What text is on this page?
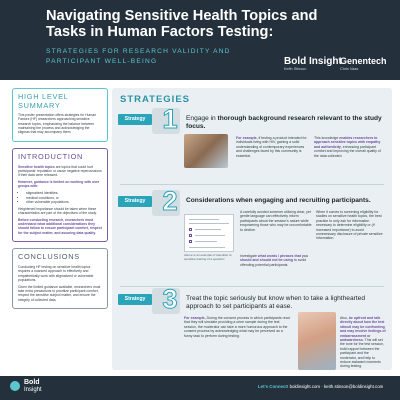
Navigating Sensitive Health Topics and Tasks in Human Factors Testing:
STRATEGIES FOR RESEARCH VALIDITY AND PARTICIPANT WELL-BEING	Bold Insight
Keith Stinson
Genentech
Chris Vaas
HIGH LEVEL SUMMARY

This poster presentation offers strategies for Human Factors (HF) researchers approaching sensitive research topics, emphasizing the balance between maintaining the process and acknowledging the stigmas that may accompany them.

INTRODUCTION

Sensitive health topics are topics that could hurt participants' reputation or cause negative repercussions if their data were released.

However, guidance is limited on working with user groups with:

• stigmatized identities,
• medical conditions, or
• other vulnerable populations.

Heightened importance should be taken when these characteristics are part of the objectives of the study.

Before conducting research, researchers must understand what additional considerations they should follow to ensure participant comfort, respect for the subject matter, and assuring data quality.

CONCLUSIONS

Conducting HF testing on sensitive health topics requires a nuanced approach to effectively and empathetically work with stigmatized or vulnerable populations.

Given the limited guidance available, researchers must take extra precautions to prioritize participant comfort, respect the sensitive subject matter, and ensure the integrity of collected data.

STRATEGIES
Strategy 1	Engage in thorough background research relevant to the study focus.
For example, if testing a product intended for individuals living with HIV, gaining a solid understanding of contemporary experiences and challenges faced by this community is essential.
This knowledge enables researchers to approach sensitive topics with empathy and authenticity, enhancing participant comfort and improving the overall quality of the data collected.
Strategy 2	Considerations when engaging and recruiting participants.
Above is an example of transition to sensitive training of a question
A carefully worded screener utilizing clear, yet gentle language can effectively inform participants about the session's nature while empowering those who may be uncomfortable to decline.
Investigate what words / phrases that you should and should not be using to avoid offending potential participants.
When it comes to screening eligibility for studies on sensitive health topics, the best practice to only ask for information necessary to determine eligibility or (if increased importance) to avoid unnecessary disclosure of private sensitive information.
Strategy 3	Treat the topic seriously but know when to take a lighthearted approach to set participants at ease.
For example, During the consent process in which participants read that they will simulate providing a urine sample during the test session, the moderator can take a more humorous approach to the consent process by acknowledging what may be perceived as a funny task to perform during testing.
Also, be upfront and talk directly about how the test stimuli may be confronting and may involve feelings of embarrassment or awkwardness. This will set the tone for the test session, build rapport between the participant and the moderator, and help to reduce awkward moments during testing.
Bold
Insight
Let's Connect! boldinsight.com · keith.stinson@boldinsight.com
